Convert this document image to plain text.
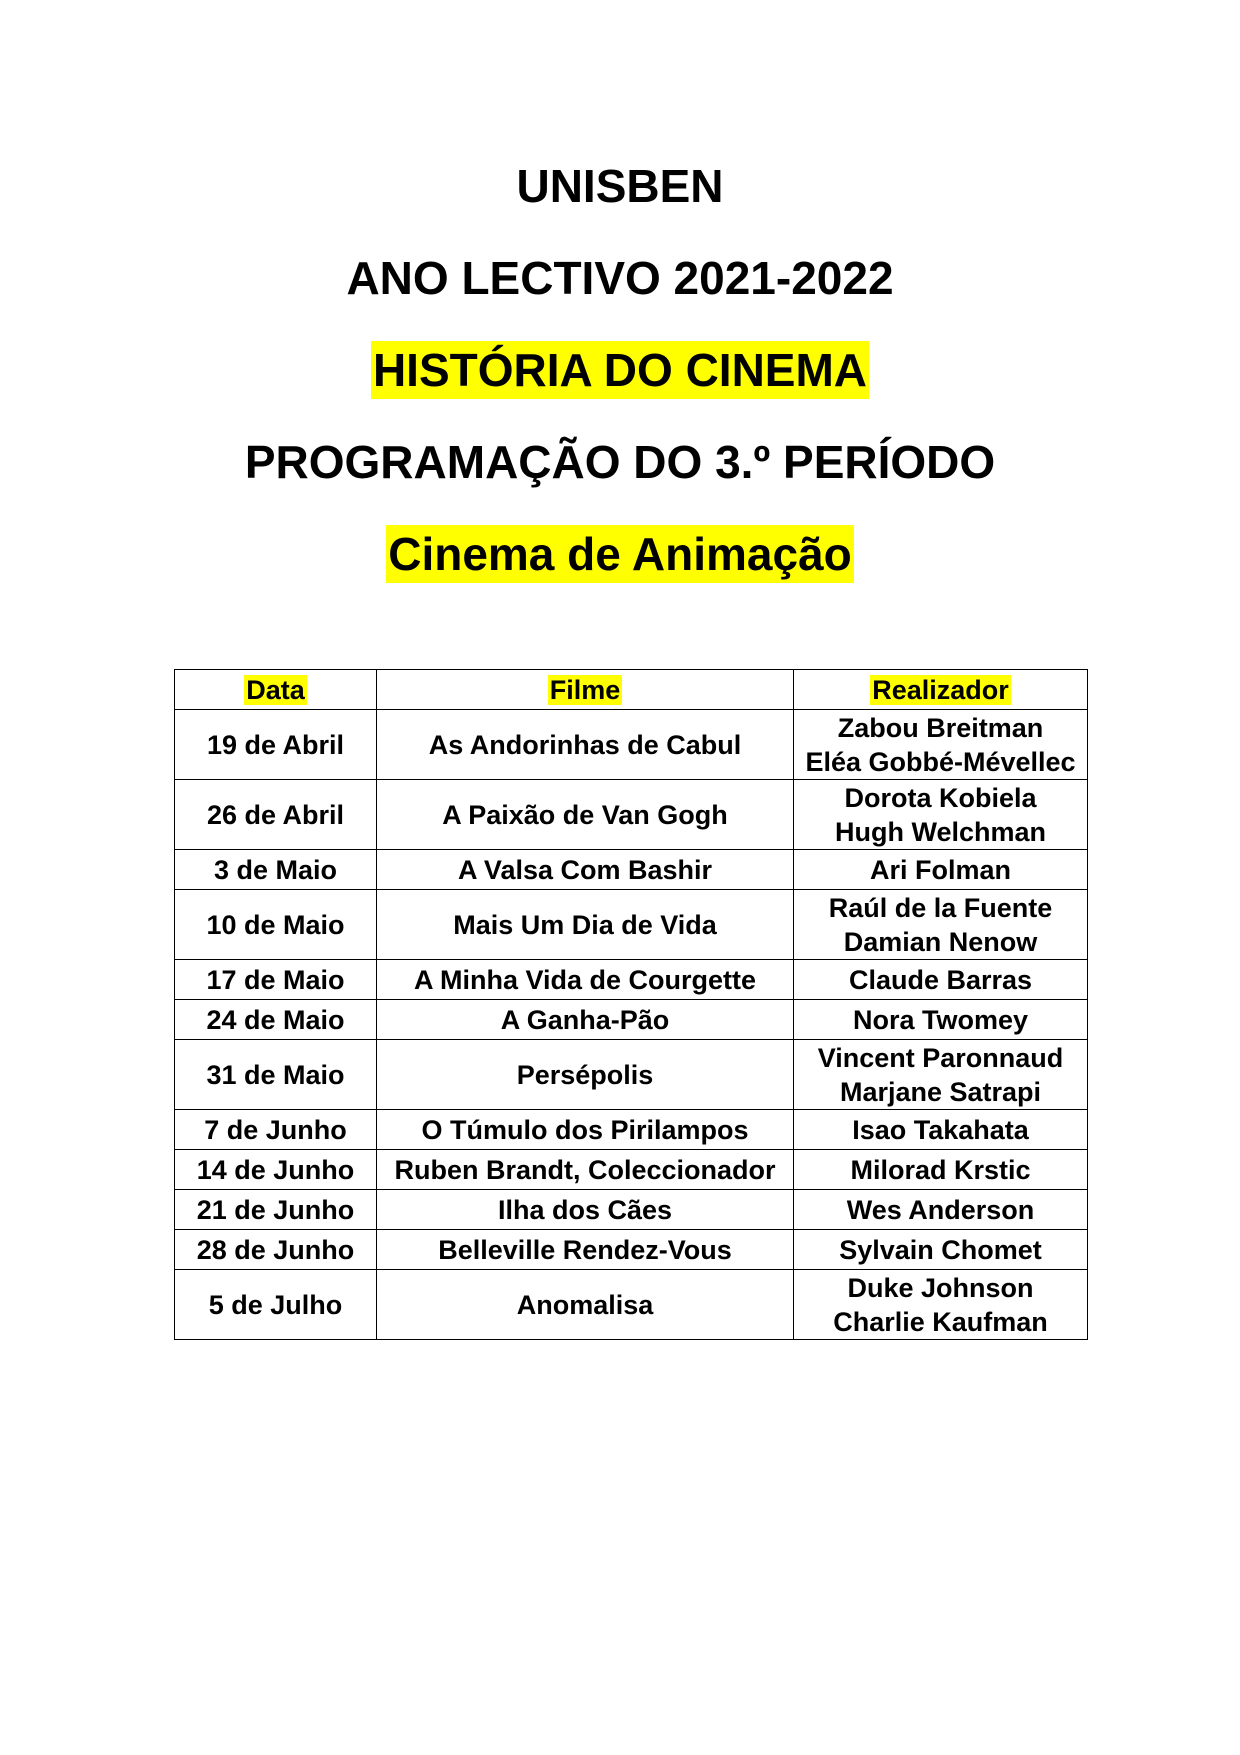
UNISBEN
ANO LECTIVO 2021-2022
HISTÓRIA DO CINEMA
PROGRAMAÇÃO DO 3.º PERÍODO
Cinema de Animação
Data	Filme	Realizador
19 de Abril	As Andorinhas de Cabul	Zabou Breitman
Eléa Gobbé-Mévellec

26 de Abril	A Paixão de Van Gogh	Dorota Kobiela
Hugh Welchman

3 de Maio	A Valsa Com Bashir	Ari Folman

10 de Maio	Mais Um Dia de Vida	Raúl de la Fuente
Damian Nenow

17 de Maio	A Minha Vida de Courgette	Claude Barras

24 de Maio	A Ganha-Pão	Nora Twomey

31 de Maio	Persépolis	Vincent Paronnaud
Marjane Satrapi

7 de Junho	O Túmulo dos Pirilampos	Isao Takahata

14 de Junho	Ruben Brandt, Coleccionador	Milorad Krstic

21 de Junho	Ilha dos Cães	Wes Anderson

28 de Junho	Belleville Rendez-Vous	Sylvain Chomet

5 de Julho	Anomalisa	Duke Johnson
Charlie Kaufman
